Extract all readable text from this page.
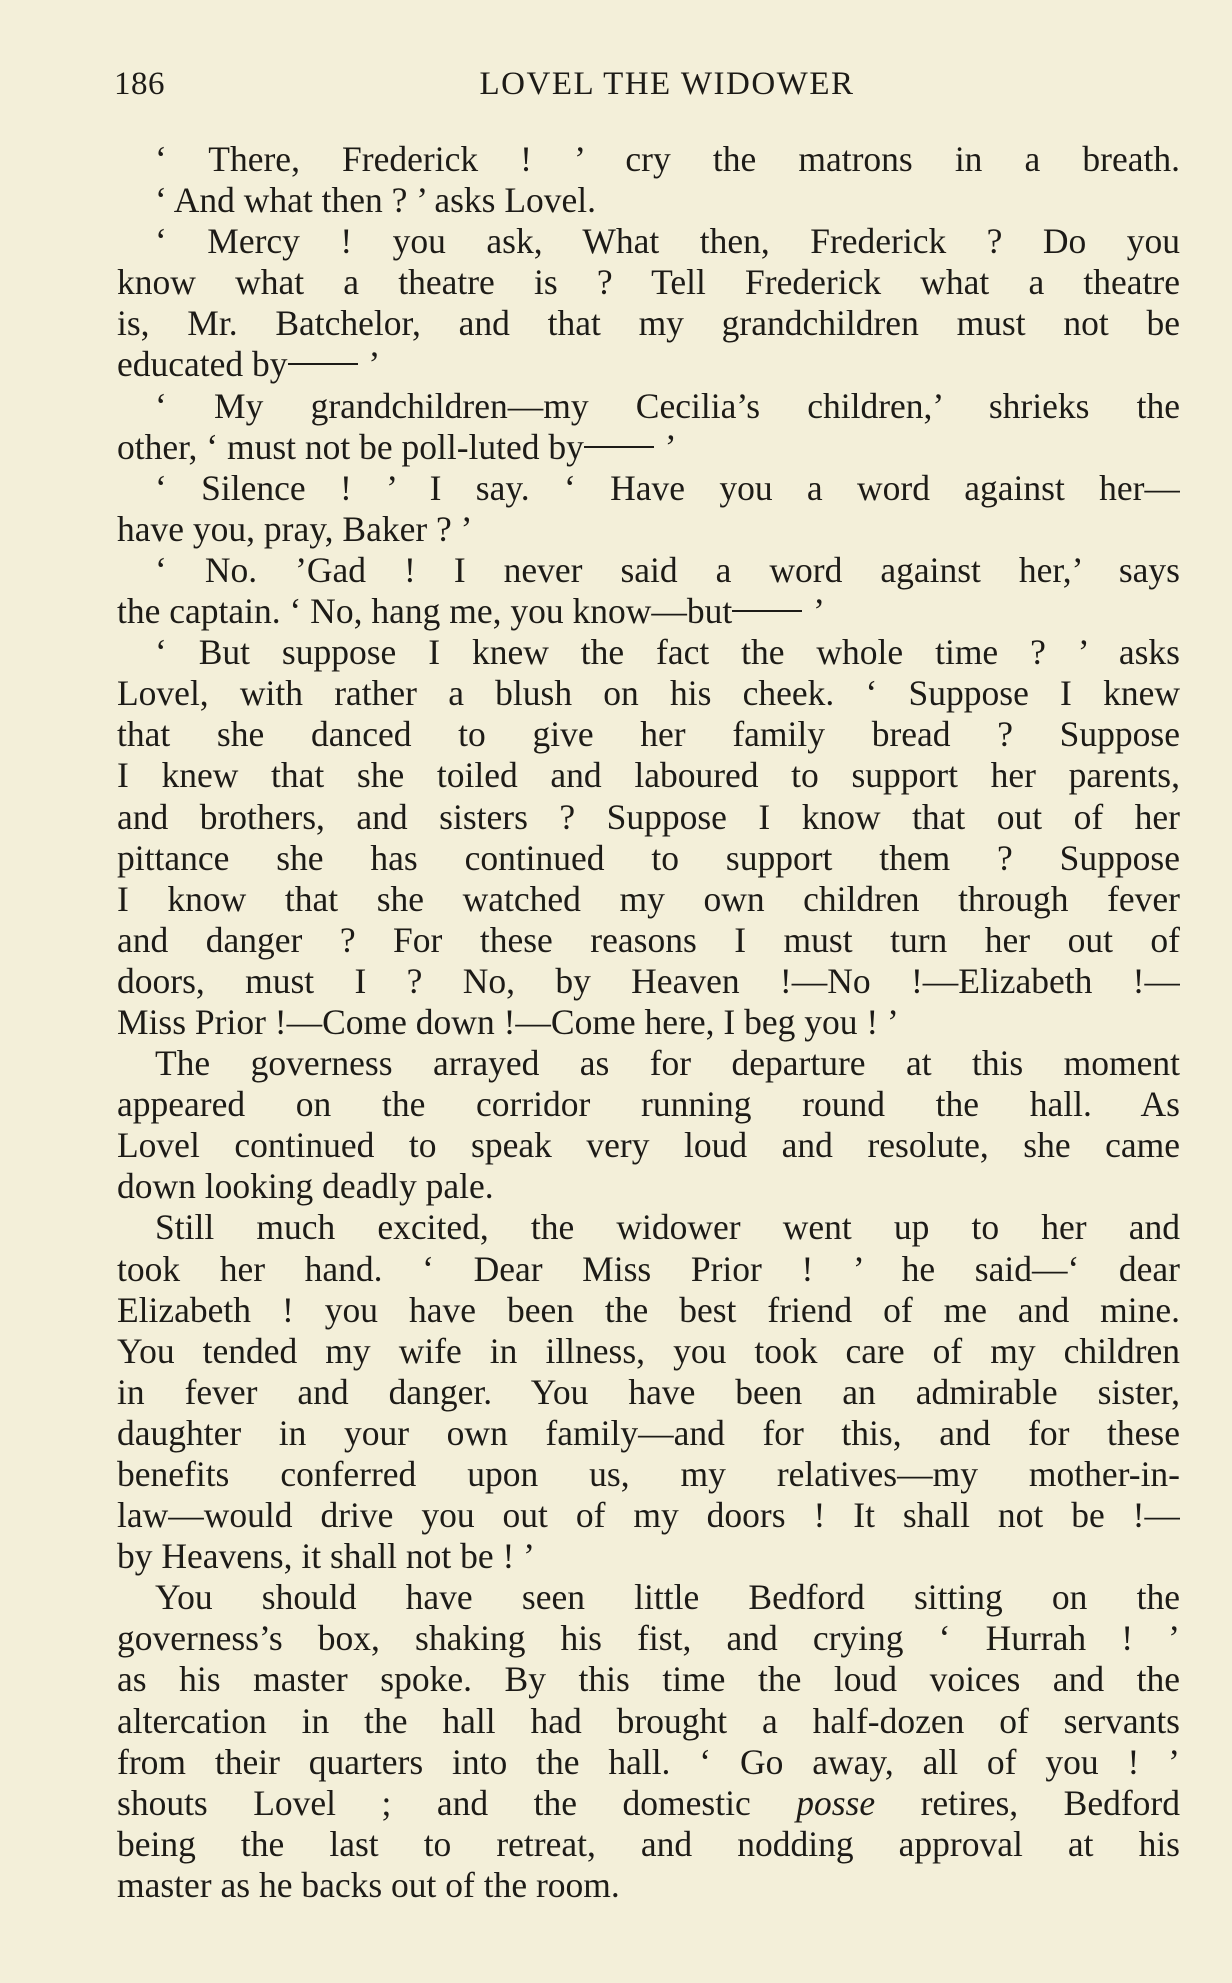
186	LOVEL THE WIDOWER
‘ There, Frederick ! ’ cry the matrons in a breath.
‘ And what then ? ’ asks Lovel.
‘ Mercy ! you ask, What then, Frederick ? Do you
know what a theatre is ? Tell Frederick what a theatre
is, Mr. Batchelor, and that my grandchildren must not be
educated by ’
‘ My grandchildren—my Cecilia’s children,’ shrieks the
other, ‘ must not be poll-luted by ’
‘ Silence ! ’ I say. ‘ Have you a word against her—
have you, pray, Baker ? ’
‘ No. ’Gad ! I never said a word against her,’ says
the captain. ‘ No, hang me, you know—but ’
‘ But suppose I knew the fact the whole time ? ’ asks
Lovel, with rather a blush on his cheek. ‘ Suppose I knew
that she danced to give her family bread ? Suppose
I knew that she toiled and laboured to support her parents,
and brothers, and sisters ? Suppose I know that out of her
pittance she has continued to support them ? Suppose
I know that she watched my own children through fever
and danger ? For these reasons I must turn her out of
doors, must I ? No, by Heaven !—No !—Elizabeth !—
Miss Prior !—Come down !—Come here, I beg you ! ’
The governess arrayed as for departure at this moment
appeared on the corridor running round the hall. As
Lovel continued to speak very loud and resolute, she came
down looking deadly pale.
Still much excited, the widower went up to her and
took her hand. ‘ Dear Miss Prior ! ’ he said—‘ dear
Elizabeth ! you have been the best friend of me and mine.
You tended my wife in illness, you took care of my children
in fever and danger. You have been an admirable sister,
daughter in your own family—and for this, and for these
benefits conferred upon us, my relatives—my mother-in-
law—would drive you out of my doors ! It shall not be !—
by Heavens, it shall not be ! ’
You should have seen little Bedford sitting on the
governess’s box, shaking his fist, and crying ‘ Hurrah ! ’
as his master spoke. By this time the loud voices and the
altercation in the hall had brought a half-dozen of servants
from their quarters into the hall. ‘ Go away, all of you ! ’
shouts Lovel ; and the domestic posse retires, Bedford
being the last to retreat, and nodding approval at his
master as he backs out of the room.
